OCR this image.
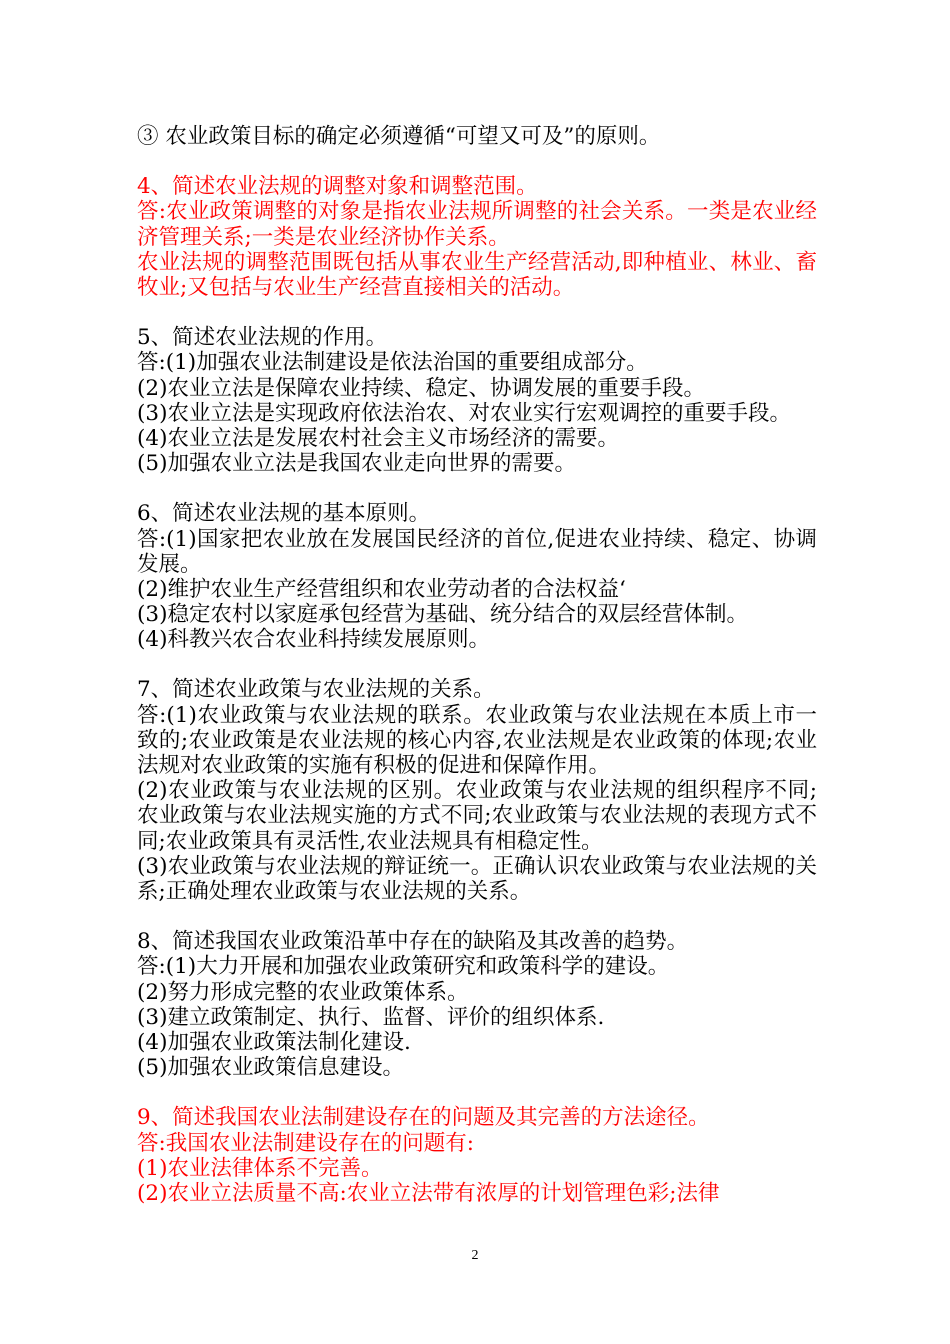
③ 农业政策目标的确定必须遵循“可望又可及”的原则。
4、简述农业法规的调整对象和调整范围。
答:农业政策调整的对象是指农业法规所调整的社会关系。一类是农业经济管理关系;一类是农业经济协作关系。
农业法规的调整范围既包括从事农业生产经营活动,即种植业、林业、畜牧业;又包括与农业生产经营直接相关的活动。
5、简述农业法规的作用。
答:(1)加强农业法制建设是依法治国的重要组成部分。
(2)农业立法是保障农业持续、稳定、协调发展的重要手段。
(3)农业立法是实现政府依法治农、对农业实行宏观调控的重要手段。
(4)农业立法是发展农村社会主义市场经济的需要。
(5)加强农业立法是我国农业走向世界的需要。
6、简述农业法规的基本原则。
答:(1)国家把农业放在发展国民经济的首位,促进农业持续、稳定、协调发展。
(2)维护农业生产经营组织和农业劳动者的合法权益‘
(3)稳定农村以家庭承包经营为基础、统分结合的双层经营体制。
(4)科教兴农合农业科持续发展原则。
7、简述农业政策与农业法规的关系。
答:(1)农业政策与农业法规的联系。农业政策与农业法规在本质上市一致的;农业政策是农业法规的核心内容,农业法规是农业政策的体现;农业法规对农业政策的实施有积极的促进和保障作用。
(2)农业政策与农业法规的区别。农业政策与农业法规的组织程序不同;农业政策与农业法规实施的方式不同;农业政策与农业法规的表现方式不同;农业政策具有灵活性,农业法规具有相稳定性。
(3)农业政策与农业法规的辩证统一。正确认识农业政策与农业法规的关系;正确处理农业政策与农业法规的关系。
8、简述我国农业政策沿革中存在的缺陷及其改善的趋势。
答:(1)大力开展和加强农业政策研究和政策科学的建设。
(2)努力形成完整的农业政策体系。
(3)建立政策制定、执行、监督、评价的组织体系.
(4)加强农业政策法制化建设.
(5)加强农业政策信息建设。
9、简述我国农业法制建设存在的问题及其完善的方法途径。
答:我国农业法制建设存在的问题有:
(1)农业法律体系不完善。
(2)农业立法质量不高:农业立法带有浓厚的计划管理色彩;法律
2
